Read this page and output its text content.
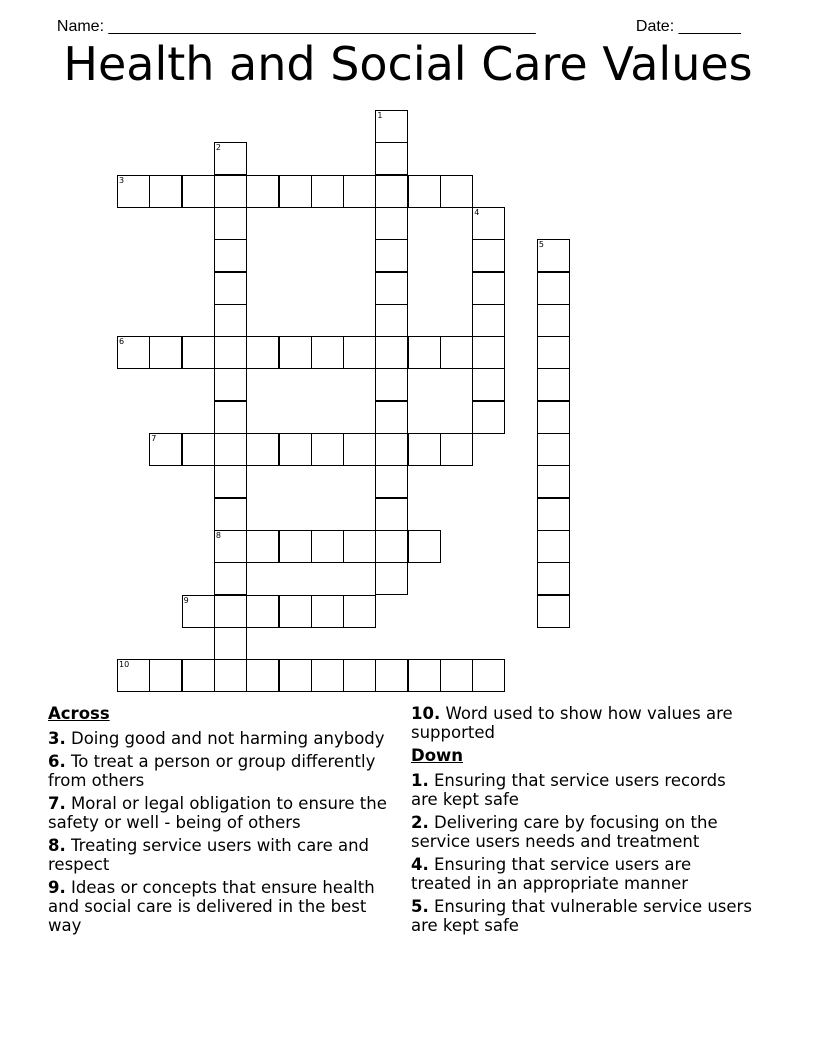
Name: ________________________________________________	Date: _______

Health and Social Care Values
1
2
8
3
4
5
6
7
9
10
Across
3. Doing good and not harming anybody
6. To treat a person or group differently from others
7. Moral or legal obligation to ensure the safety or well - being of others
8. Treating service users with care and respect
9. Ideas or concepts that ensure health and social care is delivered in the best way
10. Word used to show how values are supported
Down
1. Ensuring that service users records are kept safe
2. Delivering care by focusing on the service users needs and treatment
4. Ensuring that service users are treated in an appropriate manner
5. Ensuring that vulnerable service users are kept safe
